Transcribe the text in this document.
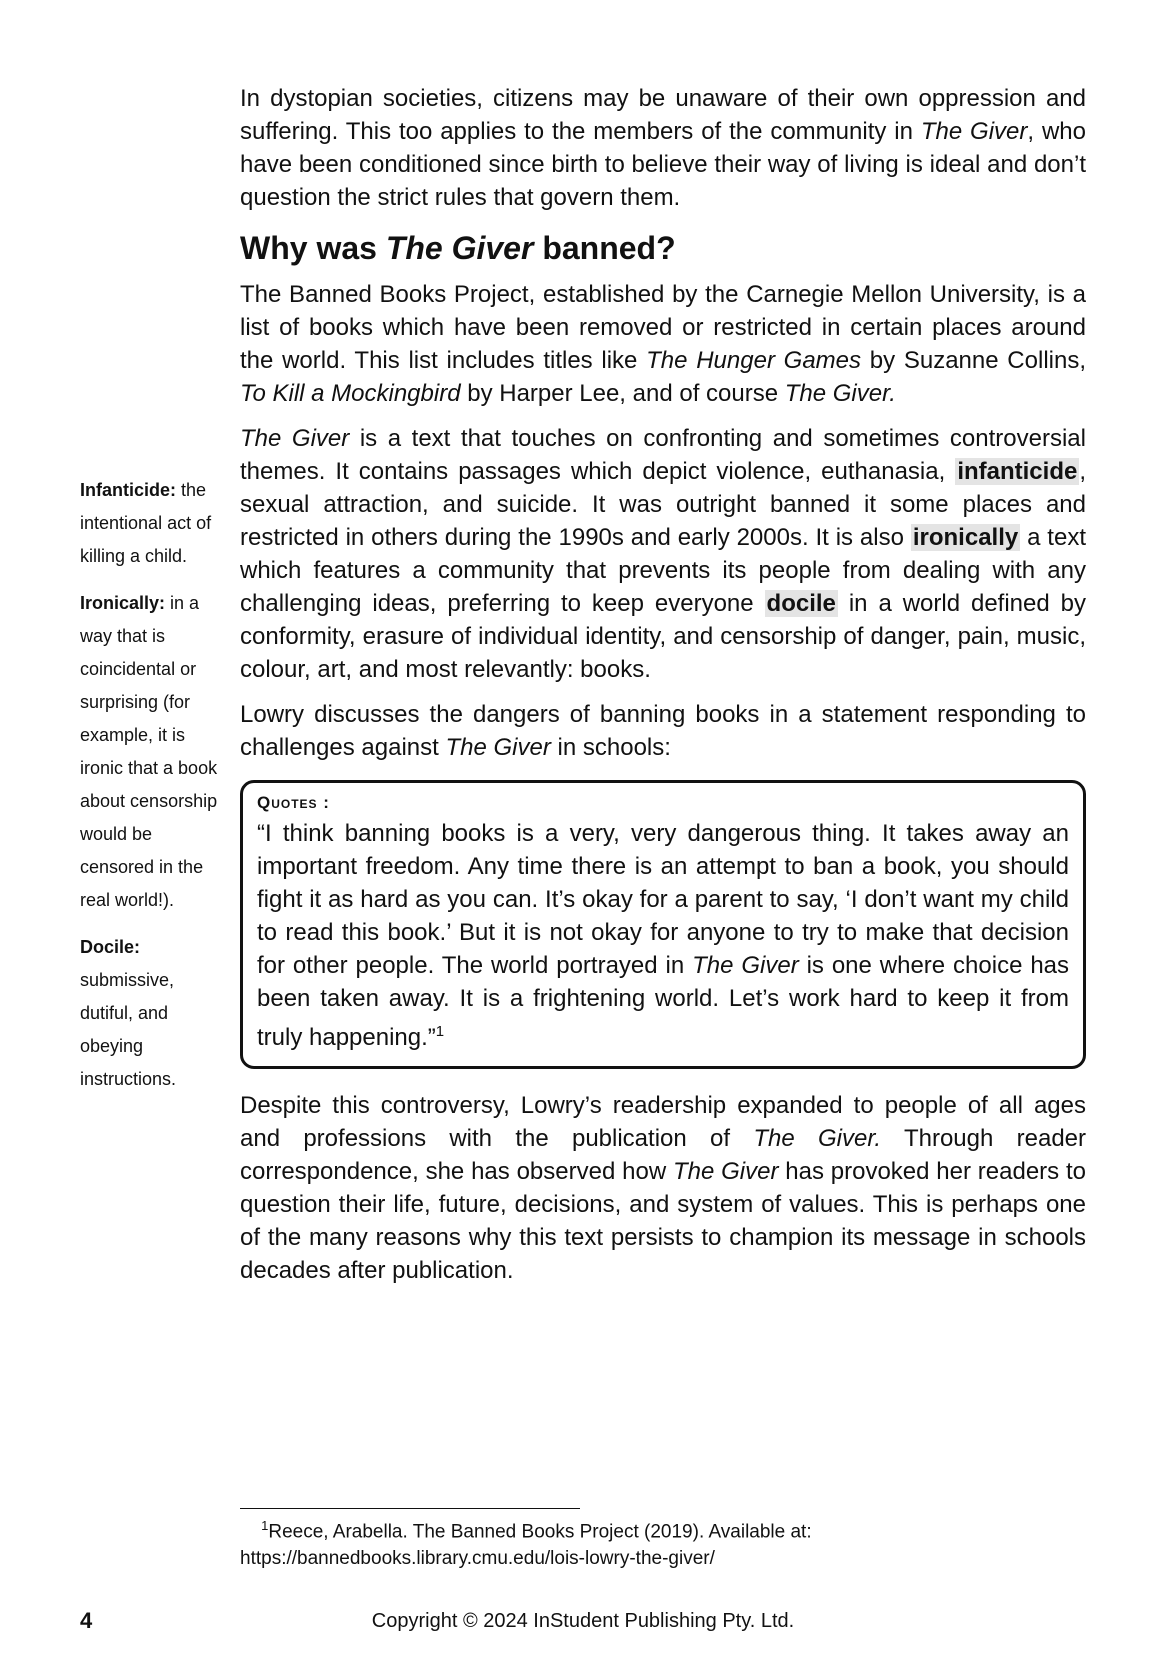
In dystopian societies, citizens may be unaware of their own oppression and suffering. This too applies to the members of the community in The Giver, who have been conditioned since birth to believe their way of living is ideal and don’t question the strict rules that govern them.

Why was The Giver banned?

The Banned Books Project, established by the Carnegie Mellon University, is a list of books which have been removed or restricted in certain places around the world. This list includes titles like The Hunger Games by Suzanne Collins, To Kill a Mockingbird by Harper Lee, and of course The Giver.

The Giver is a text that touches on confronting and sometimes controversial themes. It contains passages which depict violence, euthanasia, infanticide, sexual attraction, and suicide. It was outright banned it some places and restricted in others during the 1990s and early 2000s. It is also ironically a text which features a community that prevents its people from dealing with any challenging ideas, preferring to keep everyone docile in a world defined by conformity, erasure of individual identity, and censorship of danger, pain, music, colour, art, and most relevantly: books.

Lowry discusses the dangers of banning books in a statement responding to challenges against The Giver in schools:

Quotes :
“I think banning books is a very, very dangerous thing. It takes away an important freedom. Any time there is an attempt to ban a book, you should fight it as hard as you can. It’s okay for a parent to say, ‘I don’t want my child to read this book.’ But it is not okay for anyone to try to make that decision for other people. The world portrayed in The Giver is one where choice has been taken away. It is a frightening world. Let’s work hard to keep it from truly happening.”$^1$

Despite this controversy, Lowry’s readership expanded to people of all ages and professions with the publication of The Giver. Through reader correspondence, she has observed how The Giver has provoked her readers to question their life, future, decisions, and system of values. This is perhaps one of the many reasons why this text persists to champion its message in schools decades after publication.

Infanticide: the intentional act of killing a child.

Ironically: in a way that is coincidental or surprising (for example, it is ironic that a book about censorship would be censored in the real world!).

Docile: submissive, dutiful, and obeying instructions.

$^1$Reece, Arabella. The Banned Books Project (2019). Available at:
https://bannedbooks.library.cmu.edu/lois-lowry-the-giver/
4	Copyright © 2024 InStudent Publishing Pty. Ltd.
